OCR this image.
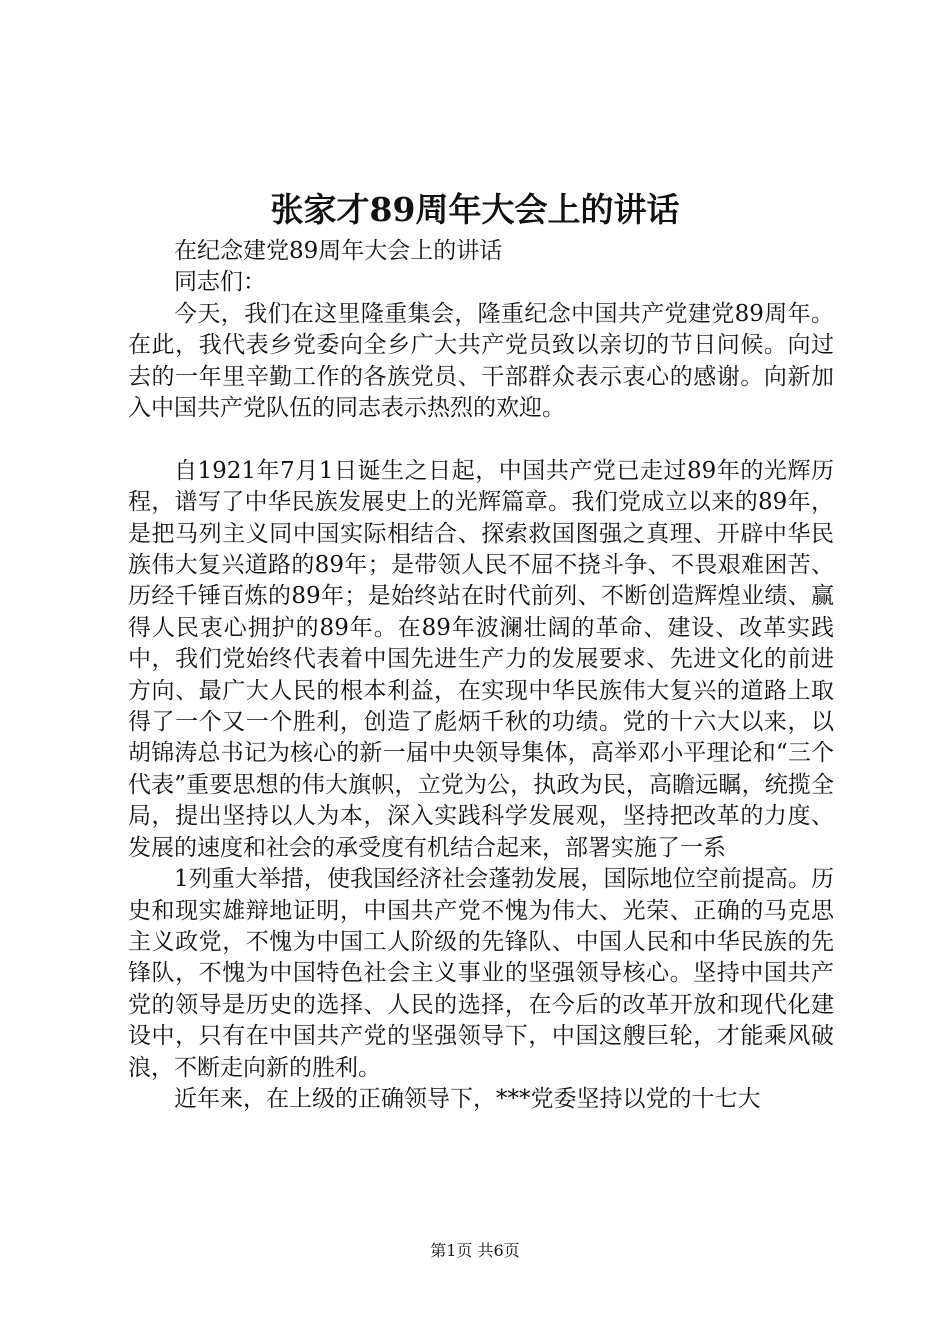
张家才89周年大会上的讲话

在纪念建党89周年大会上的讲话

同志们：

今天，我们在这里隆重集会，隆重纪念中国共产党建党89周年。在此，我代表乡党委向全乡广大共产党员致以亲切的节日问候。向过去的一年里辛勤工作的各族党员、干部群众表示衷心的感谢。向新加入中国共产党队伍的同志表示热烈的欢迎。

自1921年7月1日诞生之日起，中国共产党已走过89年的光辉历程，谱写了中华民族发展史上的光辉篇章。我们党成立以来的89年，是把马列主义同中国实际相结合、探索救国图强之真理、开辟中华民族伟大复兴道路的89年；是带领人民不屈不挠斗争、不畏艰难困苦、历经千锤百炼的89年；是始终站在时代前列、不断创造辉煌业绩、赢得人民衷心拥护的89年。在89年波澜壮阔的革命、建设、改革实践中，我们党始终代表着中国先进生产力的发展要求、先进文化的前进方向、最广大人民的根本利益，在实现中华民族伟大复兴的道路上取得了一个又一个胜利，创造了彪炳千秋的功绩。党的十六大以来，以胡锦涛总书记为核心的新一届中央领导集体，高举邓小平理论和“三个代表”重要思想的伟大旗帜，立党为公，执政为民，高瞻远瞩，统揽全局，提出坚持以人为本，深入实践科学发展观，坚持把改革的力度、发展的速度和社会的承受度有机结合起来，部署实施了一系

1列重大举措，使我国经济社会蓬勃发展，国际地位空前提高。历史和现实雄辩地证明，中国共产党不愧为伟大、光荣、正确的马克思主义政党，不愧为中国工人阶级的先锋队、中国人民和中华民族的先锋队，不愧为中国特色社会主义事业的坚强领导核心。坚持中国共产党的领导是历史的选择、人民的选择，在今后的改革开放和现代化建设中，只有在中国共产党的坚强领导下，中国这艘巨轮，才能乘风破浪，不断走向新的胜利。

近年来，在上级的正确领导下，***党委坚持以党的十七大

第1页 共6页
